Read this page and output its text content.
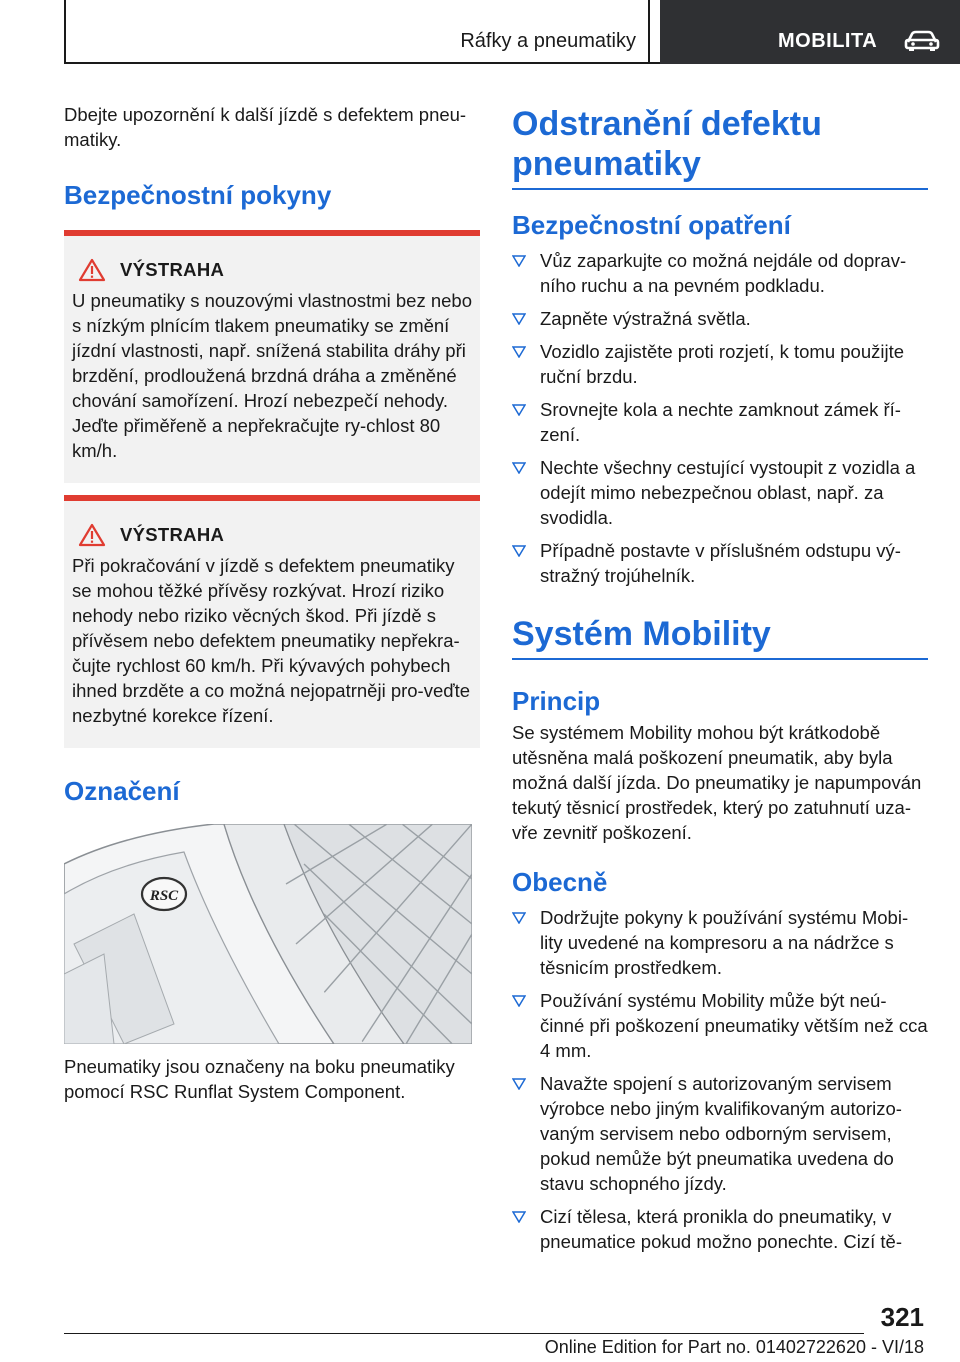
Ráfky a pneumatiky	MOBILITA

Dbejte upozornění k další jízdě s defektem pneu-matiky.

Bezpečnostní pokyny
VÝSTRAHA

U pneumatiky s nouzovými vlastnostmi bez nebo s nízkým plnícím tlakem pneumatiky se změní jízdní vlastnosti, např. snížená stabilita dráhy při brzdění, prodloužená brzdná dráha a změněné chování samořízení. Hrozí nebezpečí nehody. Jeďte přiměřeně a nepřekračujte ry-chlost 80 km/h.

VÝSTRAHA

Při pokračování v jízdě s defektem pneumatiky se mohou těžké přívěsy rozkývat. Hrozí riziko nehody nebo riziko věcných škod. Při jízdě s přívěsem nebo defektem pneumatiky nepřekra-čujte rychlost 60 km/h. Při kývavých pohybech ihned brzděte a co možná nejopatrněji pro-veďte nezbytné korekce řízení.

Označení
RSC

Pneumatiky jsou označeny na boku pneumatiky pomocí RSC Runflat System Component.

Odstranění defektu pneumatiky
Bezpečnostní opatření
Vůz zaparkujte co možná nejdále od doprav-ního ruchu a na pevném podkladu.
Zapněte výstražná světla.
Vozidlo zajistěte proti rozjetí, k tomu použijte ruční brzdu.
Srovnejte kola a nechte zamknout zámek ří-zení.
Nechte všechny cestující vystoupit z vozidla a odejít mimo nebezpečnou oblast, např. za svodidla.
Případně postavte v příslušném odstupu vý-stražný trojúhelník.
Systém Mobility
Princip

Se systémem Mobility mohou být krátkodobě utěsněna malá poškození pneumatik, aby byla možná další jízda. Do pneumatiky je napumpován tekutý těsnicí prostředek, který po zatuhnutí uza-vře zevnitř poškození.

Obecně
Dodržujte pokyny k používání systému Mobi-lity uvedené na kompresoru a na nádržce s těsnicím prostředkem.
Používání systému Mobility může být neú-činné při poškození pneumatiky větším než cca 4 mm.
Navažte spojení s autorizovaným servisem výrobce nebo jiným kvalifikovaným autorizo-vaným servisem nebo odborným servisem, pokud nemůže být pneumatika uvedena do stavu schopného jízdy.
Cizí tělesa, která pronikla do pneumatiky, v pneumatice pokud možno ponechte. Cizí tě-
321
Online Edition for Part no. 01402722620 - VI/18
